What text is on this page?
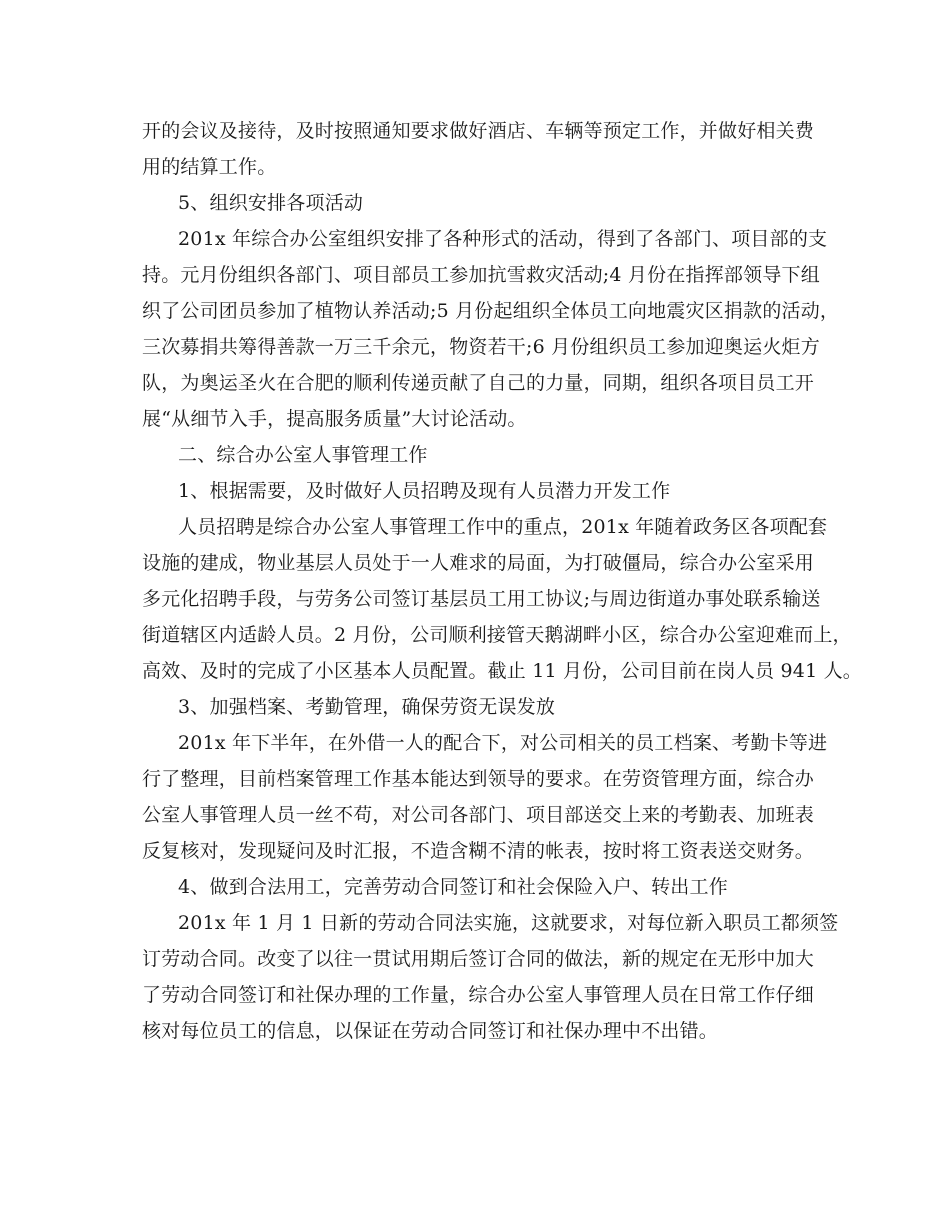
开的会议及接待，及时按照通知要求做好酒店、车辆等预定工作，并做好相关费
用的结算工作。
5、组织安排各项活动
201x 年综合办公室组织安排了各种形式的活动，得到了各部门、项目部的支
持。元月份组织各部门、项目部员工参加抗雪救灾活动;4 月份在指挥部领导下组
织了公司团员参加了植物认养活动;5 月份起组织全体员工向地震灾区捐款的活动，
三次募捐共筹得善款一万三千余元，物资若干;6 月份组织员工参加迎奥运火炬方
队，为奥运圣火在合肥的顺利传递贡献了自己的力量，同期，组织各项目员工开
展“从细节入手，提高服务质量”大讨论活动。
二、综合办公室人事管理工作
1、根据需要，及时做好人员招聘及现有人员潜力开发工作
人员招聘是综合办公室人事管理工作中的重点，201x 年随着政务区各项配套
设施的建成，物业基层人员处于一人难求的局面，为打破僵局，综合办公室采用
多元化招聘手段，与劳务公司签订基层员工用工协议;与周边街道办事处联系输送
街道辖区内适龄人员。2 月份，公司顺利接管天鹅湖畔小区，综合办公室迎难而上，
高效、及时的完成了小区基本人员配置。截止 11 月份，公司目前在岗人员 941 人。
3、加强档案、考勤管理，确保劳资无误发放
201x 年下半年，在外借一人的配合下，对公司相关的员工档案、考勤卡等进
行了整理，目前档案管理工作基本能达到领导的要求。在劳资管理方面，综合办
公室人事管理人员一丝不苟，对公司各部门、项目部送交上来的考勤表、加班表
反复核对，发现疑问及时汇报，不造含糊不清的帐表，按时将工资表送交财务。
4、做到合法用工，完善劳动合同签订和社会保险入户、转出工作
201x 年 1 月 1 日新的劳动合同法实施，这就要求，对每位新入职员工都须签
订劳动合同。改变了以往一贯试用期后签订合同的做法，新的规定在无形中加大
了劳动合同签订和社保办理的工作量，综合办公室人事管理人员在日常工作仔细
核对每位员工的信息，以保证在劳动合同签订和社保办理中不出错。
